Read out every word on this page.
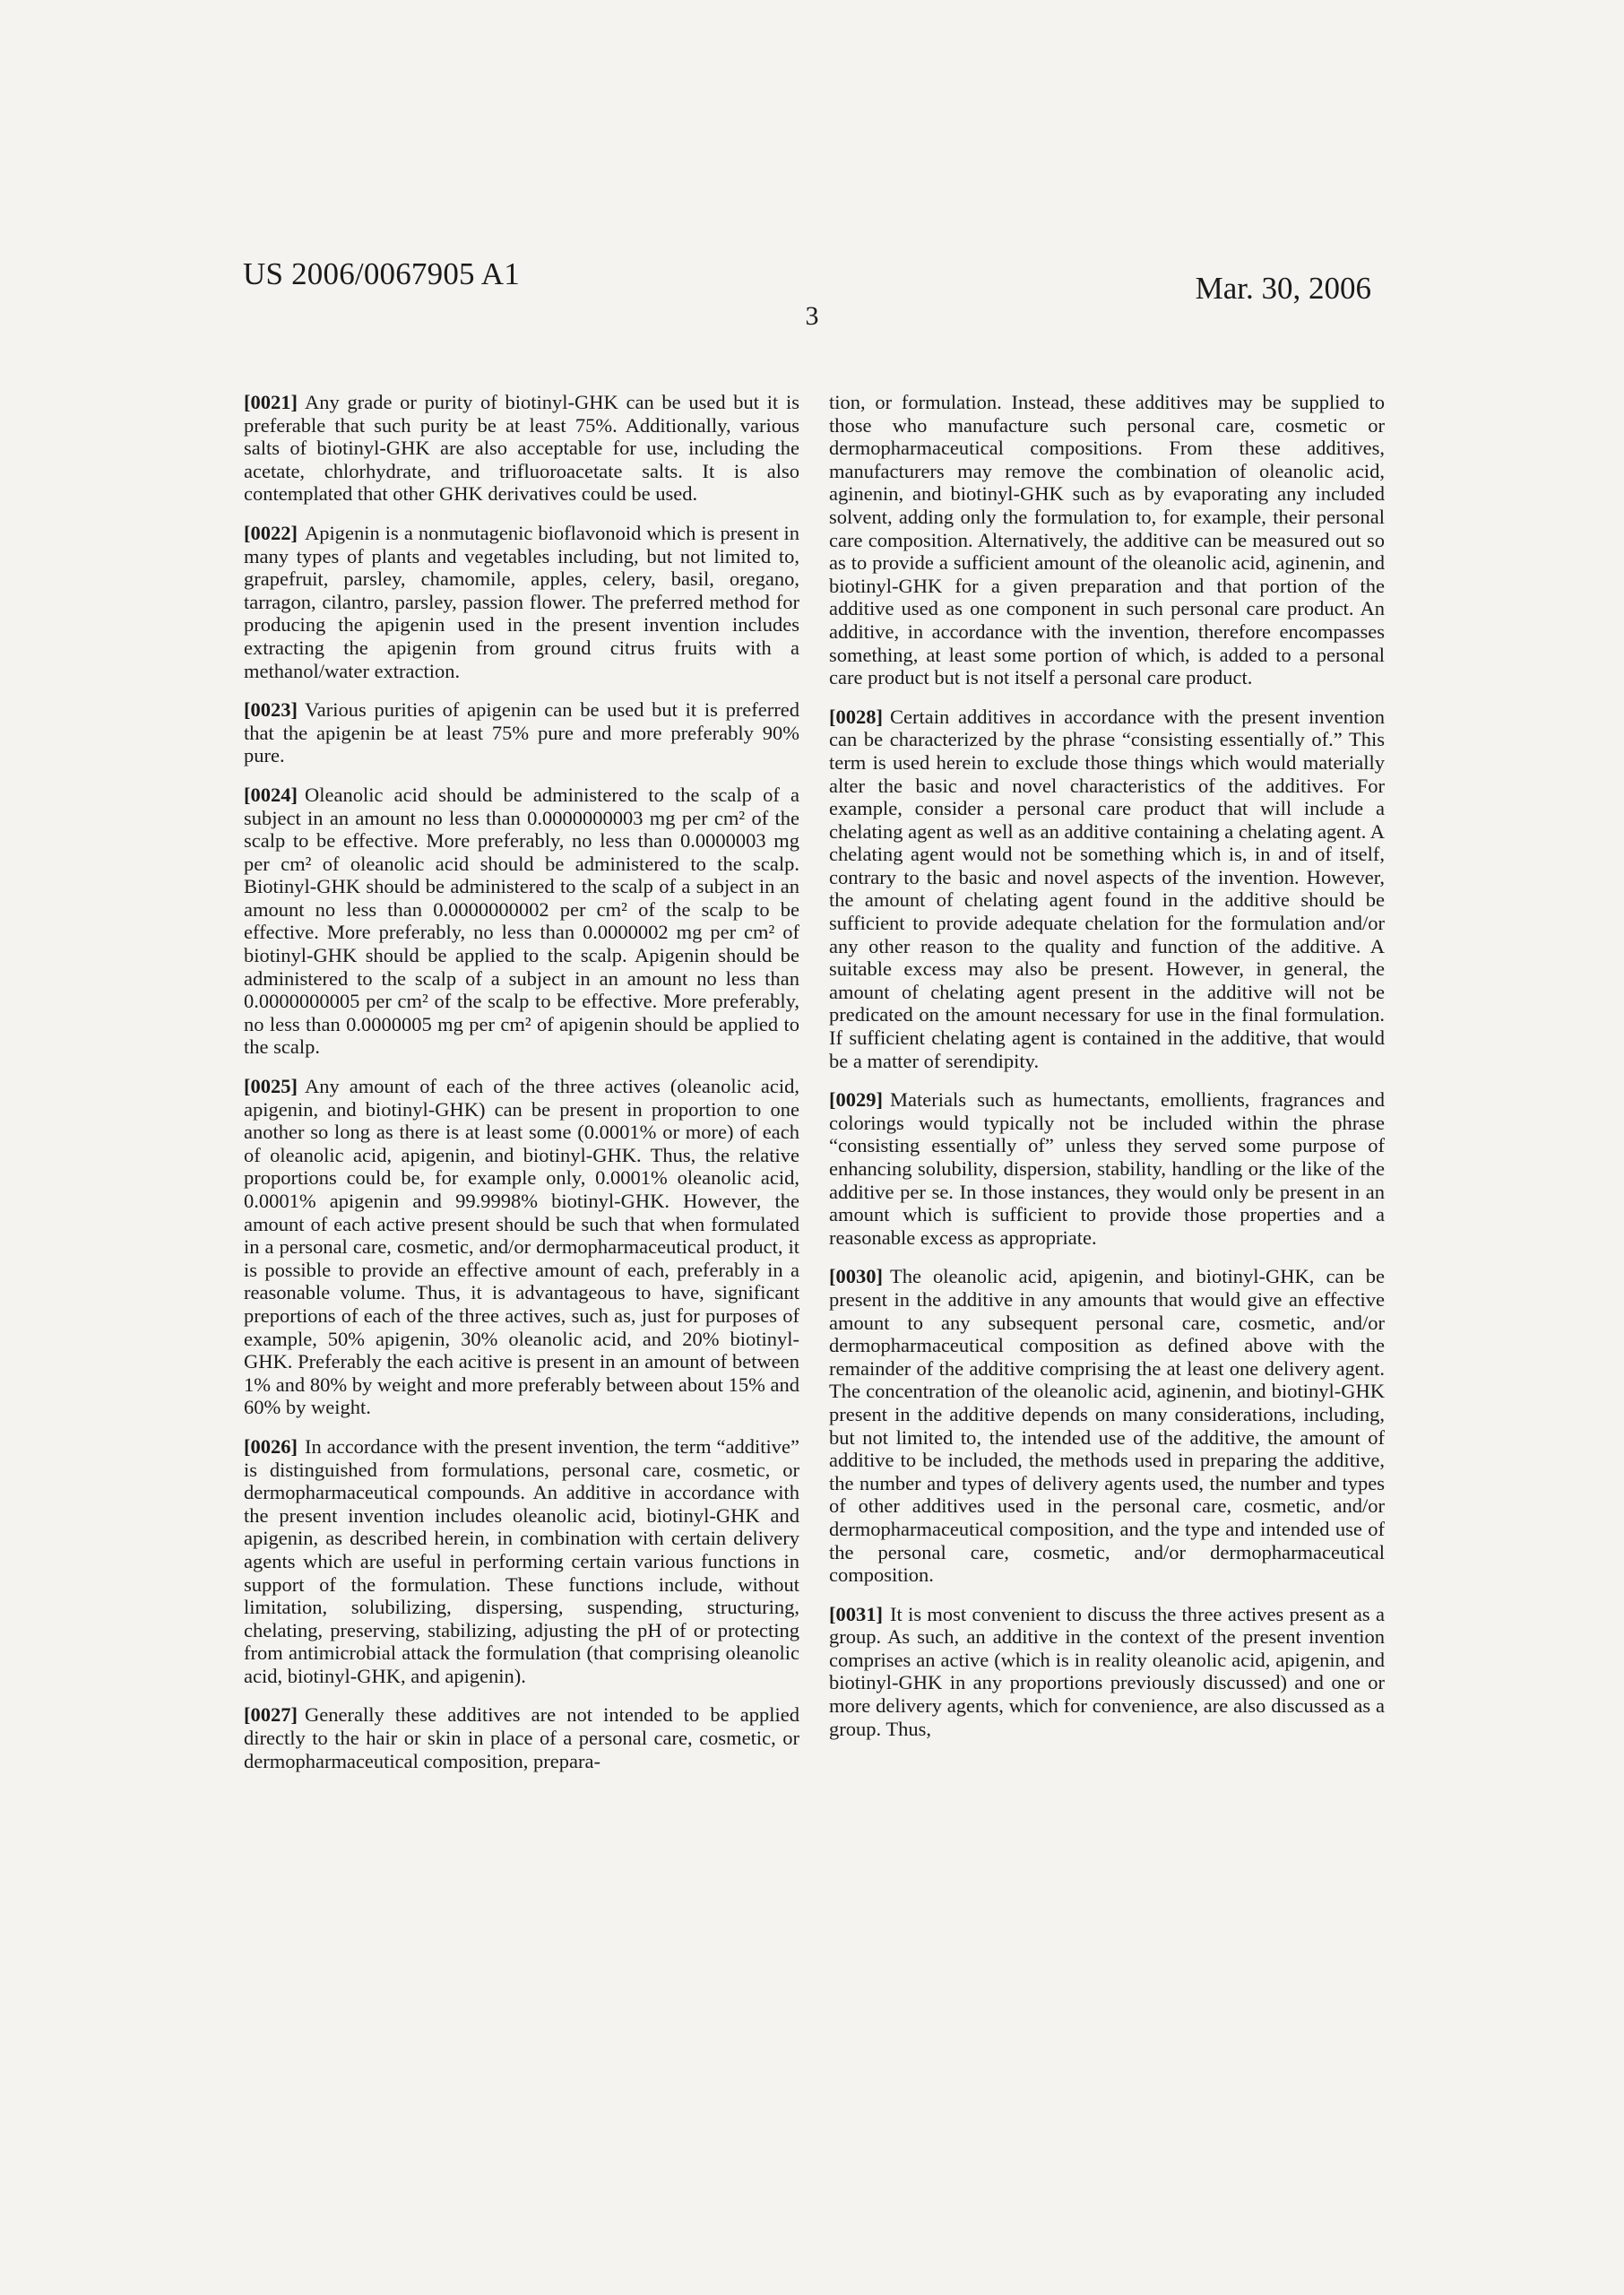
US 2006/0067905 A1	Mar. 30, 2006
3

[0021] Any grade or purity of biotinyl-GHK can be used but it is preferable that such purity be at least 75%. Additionally, various salts of biotinyl-GHK are also acceptable for use, including the acetate, chlorhydrate, and trifluoroacetate salts. It is also contemplated that other GHK derivatives could be used.

[0022] Apigenin is a nonmutagenic bioflavonoid which is present in many types of plants and vegetables including, but not limited to, grapefruit, parsley, chamomile, apples, celery, basil, oregano, tarragon, cilantro, parsley, passion flower. The preferred method for producing the apigenin used in the present invention includes extracting the apigenin from ground citrus fruits with a methanol/water extraction.

[0023] Various purities of apigenin can be used but it is preferred that the apigenin be at least 75% pure and more preferably 90% pure.

[0024] Oleanolic acid should be administered to the scalp of a subject in an amount no less than 0.0000000003 mg per cm² of the scalp to be effective. More preferably, no less than 0.0000003 mg per cm² of oleanolic acid should be administered to the scalp. Biotinyl-GHK should be administered to the scalp of a subject in an amount no less than 0.0000000002 per cm² of the scalp to be effective. More preferably, no less than 0.0000002 mg per cm² of biotinyl-GHK should be applied to the scalp. Apigenin should be administered to the scalp of a subject in an amount no less than 0.0000000005 per cm² of the scalp to be effective. More preferably, no less than 0.0000005 mg per cm² of apigenin should be applied to the scalp.

[0025] Any amount of each of the three actives (oleanolic acid, apigenin, and biotinyl-GHK) can be present in proportion to one another so long as there is at least some (0.0001% or more) of each of oleanolic acid, apigenin, and biotinyl-GHK. Thus, the relative proportions could be, for example only, 0.0001% oleanolic acid, 0.0001% apigenin and 99.9998% biotinyl-GHK. However, the amount of each active present should be such that when formulated in a personal care, cosmetic, and/or dermopharmaceutical product, it is possible to provide an effective amount of each, preferably in a reasonable volume. Thus, it is advantageous to have, significant preportions of each of the three actives, such as, just for purposes of example, 50% apigenin, 30% oleanolic acid, and 20% biotinyl-GHK. Preferably the each acitive is present in an amount of between 1% and 80% by weight and more preferably between about 15% and 60% by weight.

[0026] In accordance with the present invention, the term “additive” is distinguished from formulations, personal care, cosmetic, or dermopharmaceutical compounds. An additive in accordance with the present invention includes oleanolic acid, biotinyl-GHK and apigenin, as described herein, in combination with certain delivery agents which are useful in performing certain various functions in support of the formulation. These functions include, without limitation, solubilizing, dispersing, suspending, structuring, chelating, preserving, stabilizing, adjusting the pH of or protecting from antimicrobial attack the formulation (that comprising oleanolic acid, biotinyl-GHK, and apigenin).

[0027] Generally these additives are not intended to be applied directly to the hair or skin in place of a personal care, cosmetic, or dermopharmaceutical composition, prepara-

tion, or formulation. Instead, these additives may be supplied to those who manufacture such personal care, cosmetic or dermopharmaceutical compositions. From these additives, manufacturers may remove the combination of oleanolic acid, aginenin, and biotinyl-GHK such as by evaporating any included solvent, adding only the formulation to, for example, their personal care composition. Alternatively, the additive can be measured out so as to provide a sufficient amount of the oleanolic acid, aginenin, and biotinyl-GHK for a given preparation and that portion of the additive used as one component in such personal care product. An additive, in accordance with the invention, therefore encompasses something, at least some portion of which, is added to a personal care product but is not itself a personal care product.

[0028] Certain additives in accordance with the present invention can be characterized by the phrase “consisting essentially of.” This term is used herein to exclude those things which would materially alter the basic and novel characteristics of the additives. For example, consider a personal care product that will include a chelating agent as well as an additive containing a chelating agent. A chelating agent would not be something which is, in and of itself, contrary to the basic and novel aspects of the invention. However, the amount of chelating agent found in the additive should be sufficient to provide adequate chelation for the formulation and/or any other reason to the quality and function of the additive. A suitable excess may also be present. However, in general, the amount of chelating agent present in the additive will not be predicated on the amount necessary for use in the final formulation. If sufficient chelating agent is contained in the additive, that would be a matter of serendipity.

[0029] Materials such as humectants, emollients, fragrances and colorings would typically not be included within the phrase “consisting essentially of” unless they served some purpose of enhancing solubility, dispersion, stability, handling or the like of the additive per se. In those instances, they would only be present in an amount which is sufficient to provide those properties and a reasonable excess as appropriate.

[0030] The oleanolic acid, apigenin, and biotinyl-GHK, can be present in the additive in any amounts that would give an effective amount to any subsequent personal care, cosmetic, and/or dermopharmaceutical composition as defined above with the remainder of the additive comprising the at least one delivery agent. The concentration of the oleanolic acid, aginenin, and biotinyl-GHK present in the additive depends on many considerations, including, but not limited to, the intended use of the additive, the amount of additive to be included, the methods used in preparing the additive, the number and types of delivery agents used, the number and types of other additives used in the personal care, cosmetic, and/or dermopharmaceutical composition, and the type and intended use of the personal care, cosmetic, and/or dermopharmaceutical composition.

[0031] It is most convenient to discuss the three actives present as a group. As such, an additive in the context of the present invention comprises an active (which is in reality oleanolic acid, apigenin, and biotinyl-GHK in any proportions previously discussed) and one or more delivery agents, which for convenience, are also discussed as a group. Thus,
